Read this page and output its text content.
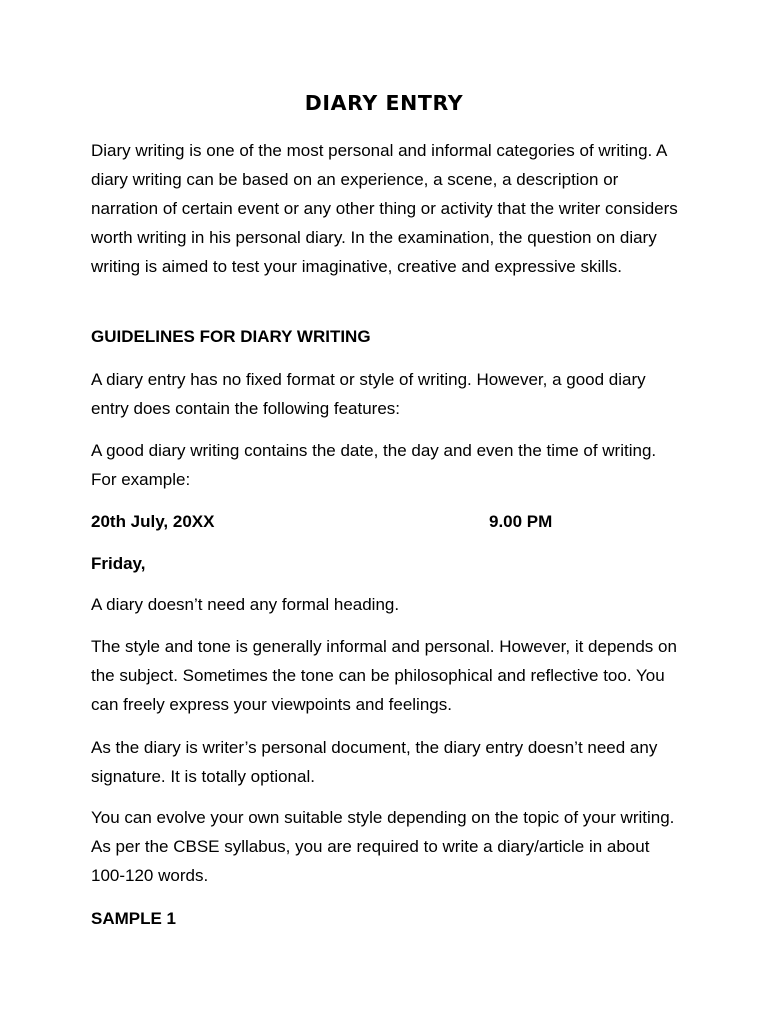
DIARY ENTRY

Diary writing is one of the most personal and informal categories of writing. A diary writing can be based on an experience, a scene, a description or narration of certain event or any other thing or activity that the writer considers worth writing in his personal diary. In the examination, the question on diary writing is aimed to test your imaginative, creative and expressive skills.

GUIDELINES FOR DIARY WRITING

A diary entry has no fixed format or style of writing. However, a good diary entry does contain the following features:

A good diary writing contains the date, the day and even the time of writing. For example:

20th July, 20XX	9.00 PM

Friday,

A diary doesn’t need any formal heading.

The style and tone is generally informal and personal. However, it depends on the subject. Sometimes the tone can be philosophical and reflective too. You can freely express your viewpoints and feelings.

As the diary is writer’s personal document, the diary entry doesn’t need any signature. It is totally optional.

You can evolve your own suitable style depending on the topic of your writing. As per the CBSE syllabus, you are required to write a diary/article in about 100-120 words.

SAMPLE 1
